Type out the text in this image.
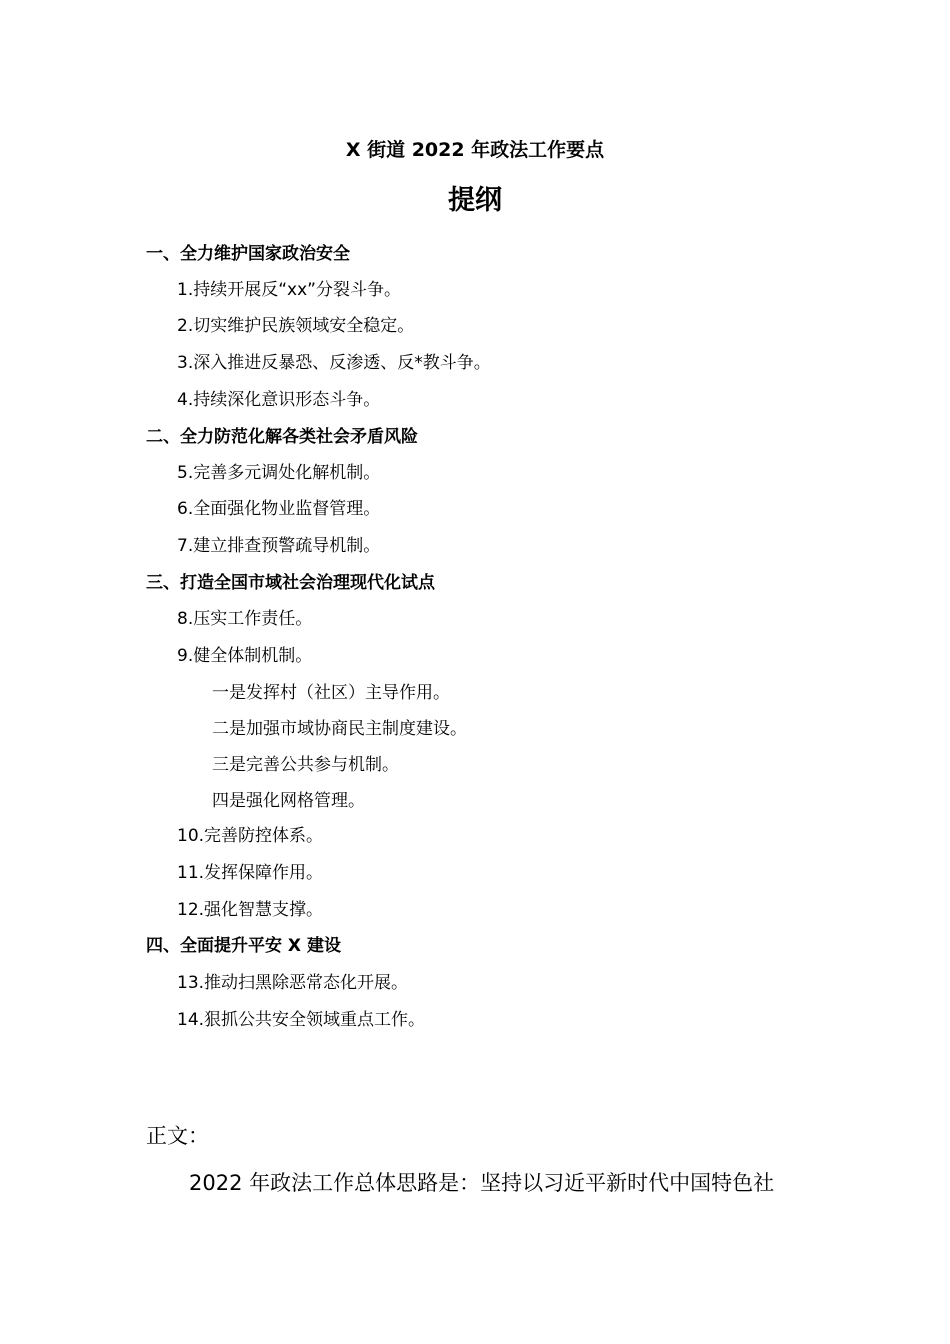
X 街道 2022 年政法工作要点
提纲
一、全力维护国家政治安全
1.持续开展反“xx”分裂斗争。
2.切实维护民族领域安全稳定。
3.深入推进反暴恐、反渗透、反*教斗争。
4.持续深化意识形态斗争。
二、全力防范化解各类社会矛盾风险
5.完善多元调处化解机制。
6.全面强化物业监督管理。
7.建立排查预警疏导机制。
三、打造全国市域社会治理现代化试点
8.压实工作责任。
9.健全体制机制。
一是发挥村（社区）主导作用。
二是加强市域协商民主制度建设。
三是完善公共参与机制。
四是强化网格管理。
10.完善防控体系。
11.发挥保障作用。
12.强化智慧支撑。
四、全面提升平安 X 建设
13.推动扫黑除恶常态化开展。
14.狠抓公共安全领域重点工作。
正文：
2022 年政法工作总体思路是：坚持以习近平新时代中国特色社
